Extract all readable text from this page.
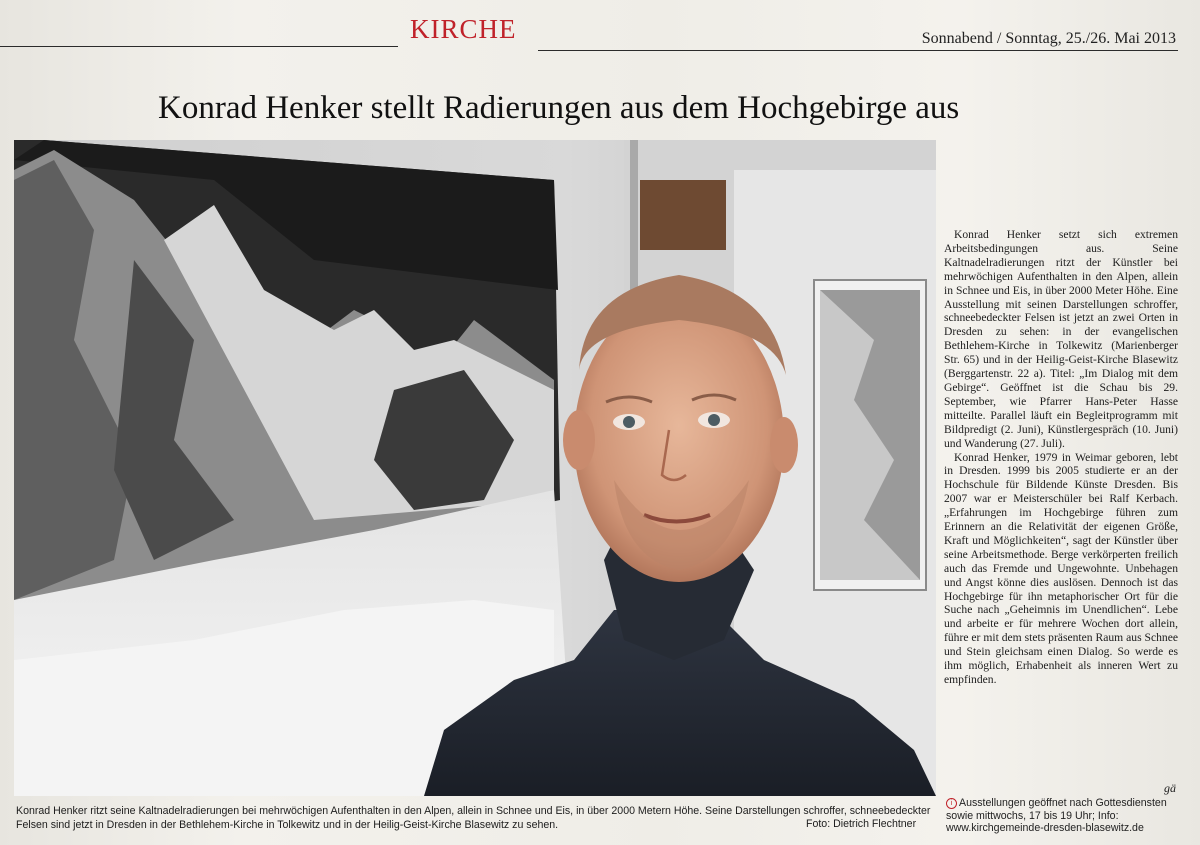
KIRCHE	Sonnabend / Sonntag, 25./26. Mai 2013
Konrad Henker stellt Radierungen aus dem Hochgebirge aus

Konrad Henker setzt sich extremen Arbeitsbedingungen aus. Seine Kaltnadelradierungen ritzt der Künstler bei mehrwöchigen Aufenthalten in den Alpen, allein in Schnee und Eis, in über 2000 Meter Höhe. Eine Ausstellung mit seinen Darstellungen schroffer, schneebedeckter Felsen ist jetzt an zwei Orten in Dresden zu sehen: in der evangelischen Bethlehem-Kirche in Tolkewitz (Marienberger Str. 65) und in der Heilig-Geist-Kirche Blasewitz (Berggartenstr. 22 a). Titel: „Im Dialog mit dem Gebirge“. Geöffnet ist die Schau bis 29. September, wie Pfarrer Hans-Peter Hasse mitteilte. Parallel läuft ein Begleitprogramm mit Bildpredigt (2. Juni), Künstlergespräch (10. Juni) und Wanderung (27. Juli).

Konrad Henker, 1979 in Weimar geboren, lebt in Dresden. 1999 bis 2005 studierte er an der Hochschule für Bildende Künste Dresden. Bis 2007 war er Meisterschüler bei Ralf Kerbach. „Erfahrungen im Hochgebirge führen zum Erinnern an die Relativität der eigenen Größe, Kraft und Möglichkeiten“, sagt der Künstler über seine Arbeitsmethode. Berge verkörperten freilich auch das Fremde und Ungewohnte. Unbehagen und Angst könne dies auslösen. Dennoch ist das Hochgebirge für ihn metaphorischer Ort für die Suche nach „Geheimnis im Unendlichen“. Lebe und arbeite er für mehrere Wochen dort allein, führe er mit dem stets präsenten Raum aus Schnee und Stein gleichsam einen Dialog. So werde es ihm möglich, Erhabenheit als inneren Wert zu empfinden.

gä
i Ausstellungen geöffnet nach Gottesdiensten sowie mittwochs, 17 bis 19 Uhr; Info: www.kirchgemeinde-dresden-blasewitz.de
Konrad Henker ritzt seine Kaltnadelradierungen bei mehrwöchigen Aufenthalten in den Alpen, allein in Schnee und Eis, in über 2000 Metern Höhe. Seine Darstellungen schroffer, schneebedeckter Felsen sind jetzt in Dresden in der Bethlehem-Kirche in Tolkewitz und in der Heilig-Geist-Kirche Blasewitz zu sehen.	Foto: Dietrich Flechtner
